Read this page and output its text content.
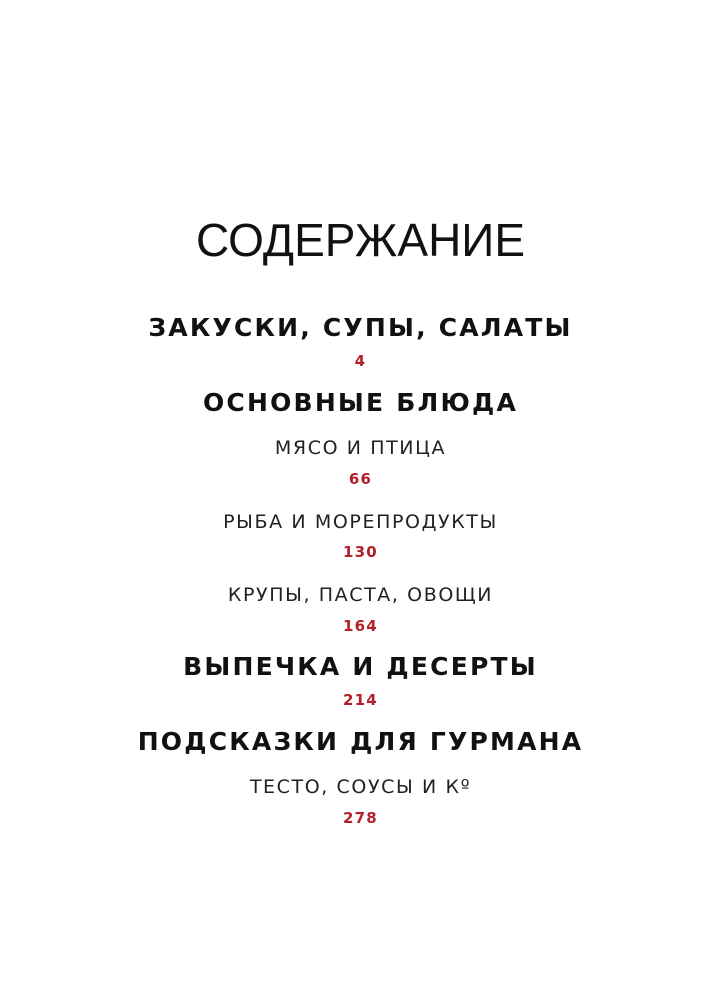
СОДЕРЖАНИЕ
ЗАКУСКИ, СУПЫ, САЛАТЫ
4
ОСНОВНЫЕ БЛЮДА
МЯСО И ПТИЦА
66
РЫБА И МОРЕПРОДУКТЫ
130
КРУПЫ, ПАСТА, ОВОЩИ
164
ВЫПЕЧКА И ДЕСЕРТЫ
214
ПОДСКАЗКИ ДЛЯ ГУРМАНА
ТЕСТО, СОУСЫ И Кº
278
